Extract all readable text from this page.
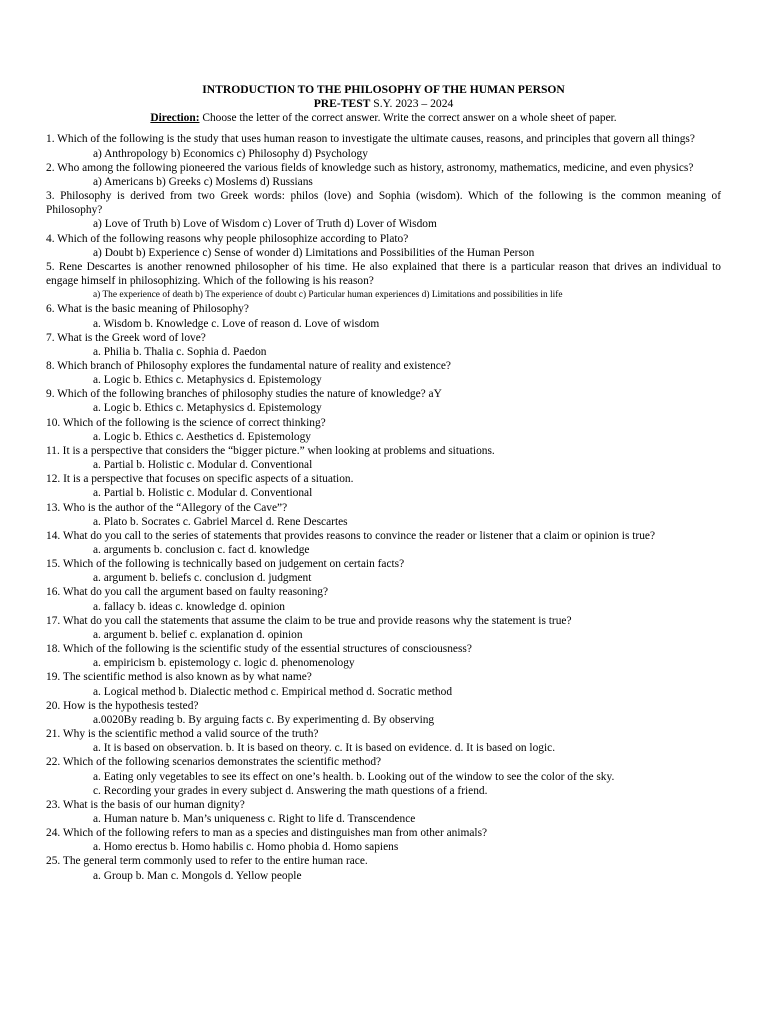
INTRODUCTION TO THE PHILOSOPHY OF THE HUMAN PERSON
PRE-TEST S.Y. 2023 – 2024
Direction: Choose the letter of the correct answer. Write the correct answer on a whole sheet of paper.
1. Which of the following is the study that uses human reason to investigate the ultimate causes, reasons, and principles that govern all things?
a) Anthropology b) Economics c) Philosophy d) Psychology
2. Who among the following pioneered the various fields of knowledge such as history, astronomy, mathematics, medicine, and even physics?
a) Americans b) Greeks c) Moslems d) Russians
3. Philosophy is derived from two Greek words: philos (love) and Sophia (wisdom). Which of the following is the common meaning of Philosophy?
a) Love of Truth b) Love of Wisdom c) Lover of Truth d) Lover of Wisdom
4. Which of the following reasons why people philosophize according to Plato?
a) Doubt b) Experience c) Sense of wonder d) Limitations and Possibilities of the Human Person
5. Rene Descartes is another renowned philosopher of his time. He also explained that there is a particular reason that drives an individual to engage himself in philosophizing. Which of the following is his reason?
a) The experience of death b) The experience of doubt c) Particular human experiences d) Limitations and possibilities in life
6. What is the basic meaning of Philosophy?
a. Wisdom b. Knowledge c. Love of reason d. Love of wisdom
7. What is the Greek word of love?
a. Philia b. Thalia c. Sophia d. Paedon
8. Which branch of Philosophy explores the fundamental nature of reality and existence?
a. Logic b. Ethics c. Metaphysics d. Epistemology
9. Which of the following branches of philosophy studies the nature of knowledge? aY
a. Logic b. Ethics c. Metaphysics d. Epistemology
10. Which of the following is the science of correct thinking?
a. Logic b. Ethics c. Aesthetics d. Epistemology
11. It is a perspective that considers the “bigger picture.” when looking at problems and situations.
a. Partial b. Holistic c. Modular d. Conventional
12. It is a perspective that focuses on specific aspects of a situation.
a. Partial b. Holistic c. Modular d. Conventional
13. Who is the author of the “Allegory of the Cave”?
a. Plato b. Socrates c. Gabriel Marcel d. Rene Descartes
14. What do you call to the series of statements that provides reasons to convince the reader or listener that a claim or opinion is true?
a. arguments b. conclusion c. fact d. knowledge
15. Which of the following is technically based on judgement on certain facts?
a. argument b. beliefs c. conclusion d. judgment
16. What do you call the argument based on faulty reasoning?
a. fallacy b. ideas c. knowledge d. opinion
17. What do you call the statements that assume the claim to be true and provide reasons why the statement is true?
a. argument b. belief c. explanation d. opinion
18. Which of the following is the scientific study of the essential structures of consciousness?
a. empiricism b. epistemology c. logic d. phenomenology
19. The scientific method is also known as by what name?
a. Logical method b. Dialectic method c. Empirical method d. Socratic method
20. How is the hypothesis tested?
a.0020By reading b. By arguing facts c. By experimenting d. By observing
21. Why is the scientific method a valid source of the truth?
a. It is based on observation. b. It is based on theory. c. It is based on evidence. d. It is based on logic.
22. Which of the following scenarios demonstrates the scientific method?
a. Eating only vegetables to see its effect on one’s health. b. Looking out of the window to see the color of the sky.
c. Recording your grades in every subject d. Answering the math questions of a friend.
23. What is the basis of our human dignity?
a. Human nature b. Man’s uniqueness c. Right to life d. Transcendence
24. Which of the following refers to man as a species and distinguishes man from other animals?
a. Homo erectus b. Homo habilis c. Homo phobia d. Homo sapiens
25. The general term commonly used to refer to the entire human race.
a. Group b. Man c. Mongols d. Yellow people
